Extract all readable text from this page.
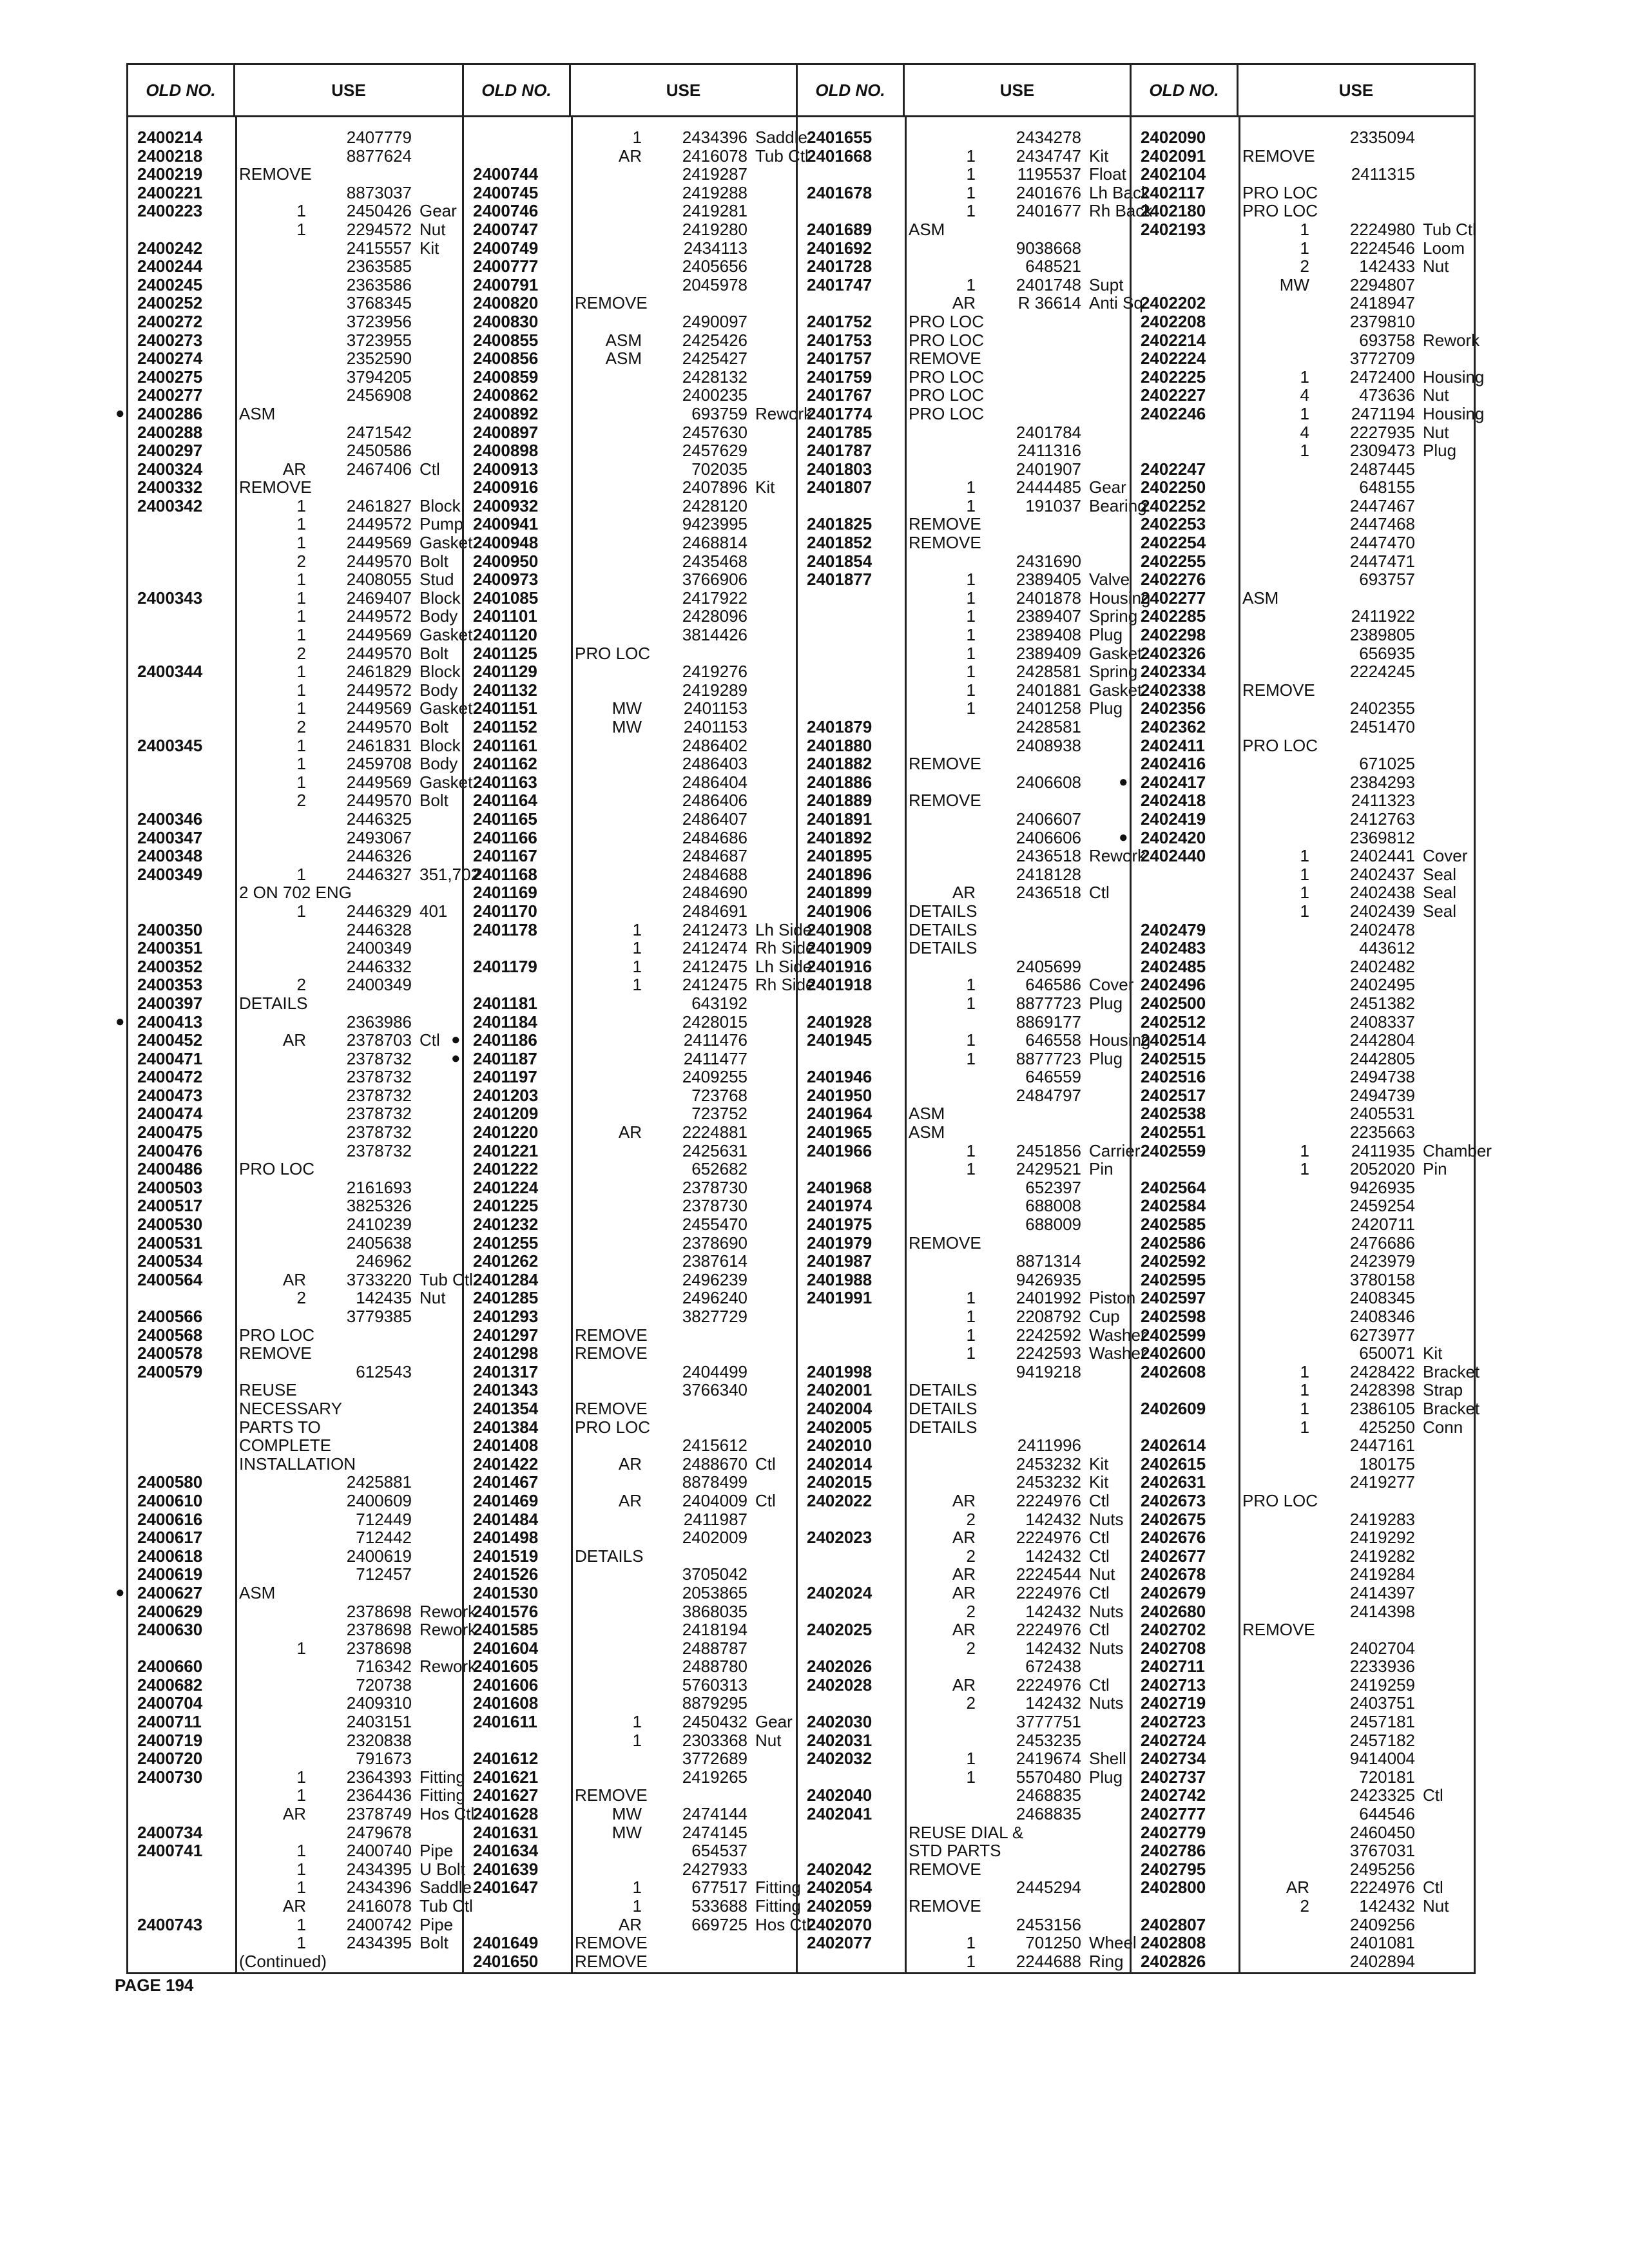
OLD NO.	USE
2400214	2407779
2400218	8877624
2400219	REMOVE
2400221	8873037
2400223	1	2450426 Gear
1	2294572 Nut
2400242	2415557 Kit
2400244	2363585
2400245	2363586
2400252	3768345
2400272	3723956
2400273	3723955
2400274	2352590
2400275	3794205
2400277	2456908
● 2400286	ASM
2400288	2471542
2400297	2450586
2400324	AR	2467406 Ctl
2400332	REMOVE
2400342	1	2461827 Block
1	2449572 Pump
1	2449569 Gasket
2	2449570 Bolt
1	2408055 Stud
2400343	1	2469407 Block
1	2449572 Body
1	2449569 Gasket
2	2449570 Bolt
2400344	1	2461829 Block
1	2449572 Body
1	2449569 Gasket
2	2449570 Bolt
2400345	1	2461831 Block
1	2459708 Body
1	2449569 Gasket
2	2449570 Bolt
2400346	2446325
2400347	2493067
2400348	2446326
2400349	1	2446327 351,702
2 ON 702 ENG
1	2446329 401
2400350	2446328
2400351	2400349
2400352	2446332
2400353	2	2400349
2400397	DETAILS
● 2400413	2363986
2400452	AR	2378703 Ctl
2400471	2378732
2400472	2378732
2400473	2378732
2400474	2378732
2400475	2378732
2400476	2378732
2400486	PRO LOC
2400503	2161693
2400517	3825326
2400530	2410239
2400531	2405638
2400534	246962
2400564	AR	3733220 Tub Ctl
2	142435 Nut
2400566	3779385
2400568	PRO LOC
2400578	REMOVE
2400579	612543
REUSE
NECESSARY
PARTS TO
COMPLETE
INSTALLATION
2400580	2425881
2400610	2400609
2400616	712449
2400617	712442
2400618	2400619
2400619	712457
● 2400627	ASM
2400629	2378698 Rework
2400630	2378698 Rework
1	2378698
2400660	716342 Rework
2400682	720738
2400704	2409310
2400711	2403151
2400719	2320838
2400720	791673
2400730	1	2364393 Fitting
1	2364436 Fitting
AR	2378749 Hos Ctl
2400734	2479678
2400741	1	2400740 Pipe
1	2434395 U Bolt
1	2434396 Saddle
AR	2416078 Tub Ctl
2400743	1	2400742 Pipe
1	2434395 Bolt
(Continued)
OLD NO.	USE
1	2434396 Saddle
AR	2416078 Tub Ctl
2400744	2419287
2400745	2419288
2400746	2419281
2400747	2419280
2400749	2434113
2400777	2405656
2400791	2045978
2400820	REMOVE
2400830	2490097
2400855	ASM	2425426
2400856	ASM	2425427
2400859	2428132
2400862	2400235
2400892	693759 Rework
2400897	2457630
2400898	2457629
2400913	702035
2400916	2407896 Kit
2400932	2428120
2400941	9423995
2400948	2468814
2400950	2435468
2400973	3766906
2401085	2417922
2401101	2428096
2401120	3814426
2401125	PRO LOC
2401129	2419276
2401132	2419289
2401151	MW	2401153
2401152	MW	2401153
2401161	2486402
2401162	2486403
2401163	2486404
2401164	2486406
2401165	2486407
2401166	2484686
2401167	2484687
2401168	2484688
2401169	2484690
2401170	2484691
2401178	1	2412473 Lh Side
1	2412474 Rh Side
2401179	1	2412475 Lh Side
1	2412475 Rh Side
2401181	643192
2401184	2428015
● 2401186	2411476
● 2401187	2411477
2401197	2409255
2401203	723768
2401209	723752
2401220	AR	2224881
2401221	2425631
2401222	652682
2401224	2378730
2401225	2378730
2401232	2455470
2401255	2378690
2401262	2387614
2401284	2496239
2401285	2496240
2401293	3827729
2401297	REMOVE
2401298	REMOVE
2401317	2404499
2401343	3766340
2401354	REMOVE
2401384	PRO LOC
2401408	2415612
2401422	AR	2488670 Ctl
2401467	8878499
2401469	AR	2404009 Ctl
2401484	2411987
2401498	2402009
2401519	DETAILS
2401526	3705042
2401530	2053865
2401576	3868035
2401585	2418194
2401604	2488787
2401605	2488780
2401606	5760313
2401608	8879295
2401611	1	2450432 Gear
1	2303368 Nut
2401612	3772689
2401621	2419265
2401627	REMOVE
2401628	MW	2474144
2401631	MW	2474145
2401634	654537
2401639	2427933
2401647	1	677517 Fitting
1	533688 Fitting
AR	669725 Hos Ctl
2401649	REMOVE
2401650	REMOVE
OLD NO.	USE
2401655	2434278
2401668	1	2434747 Kit
1	1195537 Float
2401678	1	2401676 Lh Back
1	2401677 Rh Back
2401689	ASM
2401692	9038668
2401728	648521
2401747	1	2401748 Supt
AR	R 36614 Anti Sq
2401752	PRO LOC
2401753	PRO LOC
2401757	REMOVE
2401759	PRO LOC
2401767	PRO LOC
2401774	PRO LOC
2401785	2401784
2401787	2411316
2401803	2401907
2401807	1	2444485 Gear
1	191037 Bearing
2401825	REMOVE
2401852	REMOVE
2401854	2431690
2401877	1	2389405 Valve
1	2401878 Housing
1	2389407 Spring
1	2389408 Plug
1	2389409 Gasket
1	2428581 Spring
1	2401881 Gasket
1	2401258 Plug
2401879	2428581
2401880	2408938
2401882	REMOVE
2401886	2406608
2401889	REMOVE
2401891	2406607
2401892	2406606
2401895	2436518 Rework
2401896	2418128
2401899	AR	2436518 Ctl
2401906	DETAILS
2401908	DETAILS
2401909	DETAILS
2401916	2405699
2401918	1	646586 Cover
1	8877723 Plug
2401928	8869177
2401945	1	646558 Housing
1	8877723 Plug
2401946	646559
2401950	2484797
2401964	ASM
2401965	ASM
2401966	1	2451856 Carrier
1	2429521 Pin
2401968	652397
2401974	688008
2401975	688009
2401979	REMOVE
2401987	8871314
2401988	9426935
2401991	1	2401992 Piston
1	2208792 Cup
1	2242592 Washer
1	2242593 Washer
2401998	9419218
2402001	DETAILS
2402004	DETAILS
2402005	DETAILS
2402010	2411996
2402014	2453232 Kit
2402015	2453232 Kit
2402022	AR	2224976 Ctl
2	142432 Nuts
2402023	AR	2224976 Ctl
2	142432 Ctl
AR	2224544 Nut
2402024	AR	2224976 Ctl
2	142432 Nuts
2402025	AR	2224976 Ctl
2	142432 Nuts
2402026	672438
2402028	AR	2224976 Ctl
2	142432 Nuts
2402030	3777751
2402031	2453235
2402032	1	2419674 Shell
1	5570480 Plug
2402040	2468835
2402041	2468835
REUSE DIAL &
STD PARTS
2402042	REMOVE
2402054	2445294
2402059	REMOVE
2402070	2453156
2402077	1	701250 Wheel
1	2244688 Ring
OLD NO.	USE
2402090	2335094
2402091	REMOVE
2402104	2411315
2402117	PRO LOC
2402180	PRO LOC
2402193	1	2224980 Tub Ctl
1	2224546 Loom
2	142433 Nut
MW	2294807
2402202	2418947
2402208	2379810
2402214	693758 Rework
2402224	3772709
2402225	1	2472400 Housing
2402227	4	473636 Nut
2402246	1	2471194 Housing
4	2227935 Nut
1	2309473 Plug
2402247	2487445
2402250	648155
2402252	2447467
2402253	2447468
2402254	2447470
2402255	2447471
2402276	693757
2402277	ASM
2402285	2411922
2402298	2389805
2402326	656935
2402334	2224245
2402338	REMOVE
2402356	2402355
2402362	2451470
2402411	PRO LOC
2402416	671025
● 2402417	2384293
2402418	2411323
2402419	2412763
● 2402420	2369812
2402440	1	2402441 Cover
1	2402437 Seal
1	2402438 Seal
1	2402439 Seal
2402479	2402478
2402483	443612
2402485	2402482
2402496	2402495
2402500	2451382
2402512	2408337
2402514	2442804
2402515	2442805
2402516	2494738
2402517	2494739
2402538	2405531
2402551	2235663
2402559	1	2411935 Chamber
1	2052020 Pin
2402564	9426935
2402584	2459254
2402585	2420711
2402586	2476686
2402592	2423979
2402595	3780158
2402597	2408345
2402598	2408346
2402599	6273977
2402600	650071 Kit
2402608	1	2428422 Bracket
1	2428398 Strap
2402609	1	2386105 Bracket
1	425250 Conn
2402614	2447161
2402615	180175
2402631	2419277
2402673	PRO LOC
2402675	2419283
2402676	2419292
2402677	2419282
2402678	2419284
2402679	2414397
2402680	2414398
2402702	REMOVE
2402708	2402704
2402711	2233936
2402713	2419259
2402719	2403751
2402723	2457181
2402724	2457182
2402734	9414004
2402737	720181
2402742	2423325 Ctl
2402777	644546
2402779	2460450
2402786	3767031
2402795	2495256
2402800	AR	2224976 Ctl
2	142432 Nut
2402807	2409256
2402808	2401081
2402826	2402894
PAGE 194
